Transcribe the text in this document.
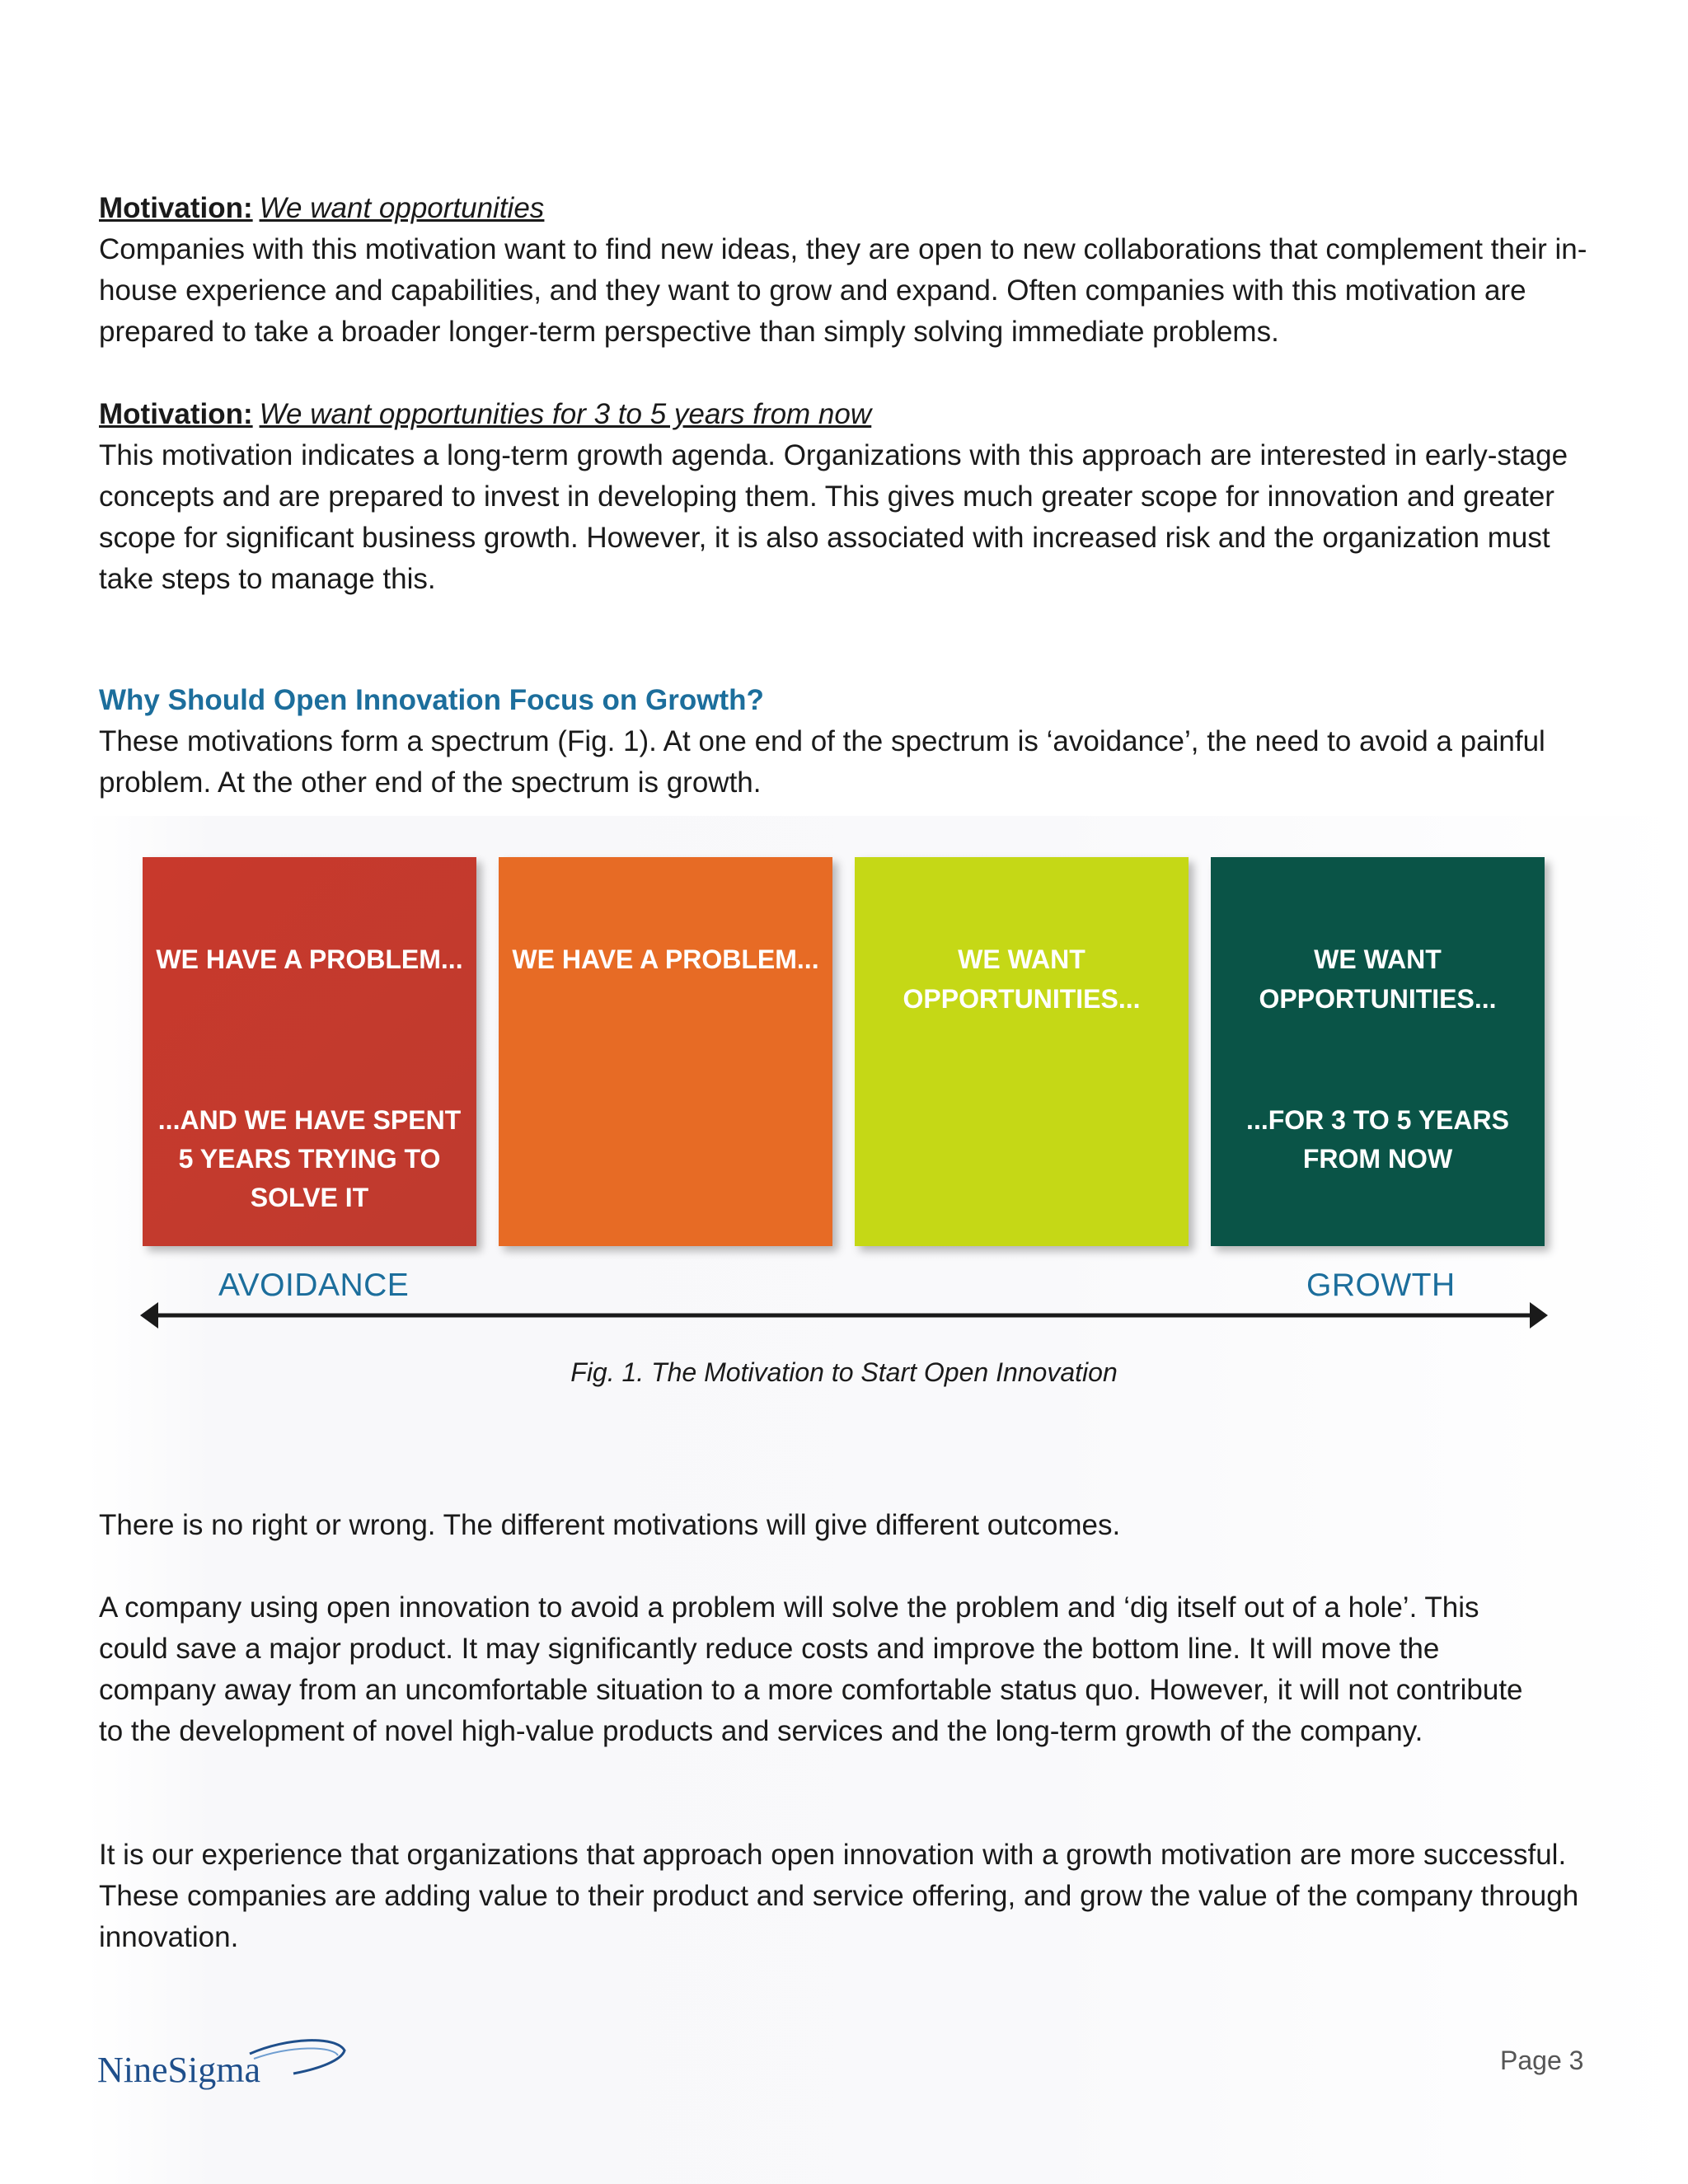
Motivation: We want opportunities

Companies with this motivation want to find new ideas, they are open to new collaborations that complement their in-house experience and capabilities, and they want to grow and expand. Often companies with this motivation are prepared to take a broader longer-term perspective than simply solving immediate problems.

Motivation: We want opportunities for 3 to 5 years from now

This motivation indicates a long-term growth agenda. Organizations with this approach are interested in early-stage concepts and are prepared to invest in developing them. This gives much greater scope for innovation and greater scope for significant business growth. However, it is also associated with increased risk and the organization must take steps to manage this.

Why Should Open Innovation Focus on Growth?

These motivations form a spectrum (Fig. 1). At one end of the spectrum is ‘avoidance’, the need to avoid a painful problem. At the other end of the spectrum is growth.

WE HAVE A PROBLEM...
...AND WE HAVE SPENT 5 YEARS TRYING TO SOLVE IT
WE HAVE A PROBLEM...	WE WANT OPPORTUNITIES...
WE WANT OPPORTUNITIES...
...FOR 3 TO 5 YEARS FROM NOW
AVOIDANCE	GROWTH
Fig. 1. The Motivation to Start Open Innovation

There is no right or wrong. The different motivations will give different outcomes.

A company using open innovation to avoid a problem will solve the problem and ‘dig itself out of a hole’. This could save a major product. It may significantly reduce costs and improve the bottom line. It will move the company away from an uncomfortable situation to a more comfortable status quo. However, it will not contribute to the development of novel high-value products and services and the long-term growth of the company.

It is our experience that organizations that approach open innovation with a growth motivation are more successful. These companies are adding value to their product and service offering, and grow the value of the company through innovation.

NineSigma	Page 3
